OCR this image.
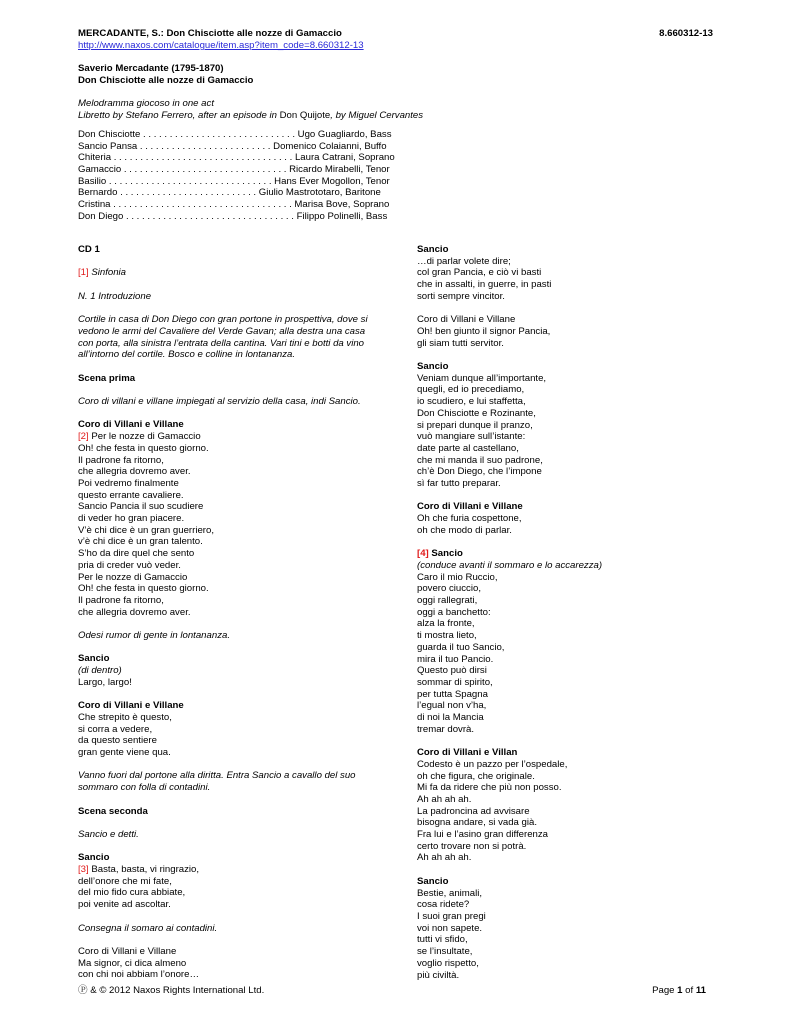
MERCADANTE, S.: Don Chisciotte alle nozze di Gamaccio	8.660312-13
http://www.naxos.com/catalogue/item.asp?item_code=8.660312-13
Saverio Mercadante (1795-1870)
Don Chisciotte alle nozze di Gamaccio
Melodramma giocoso in one act
Libretto by Stefano Ferrero, after an episode in Don Quijote, by Miguel Cervantes
Don Chisciotte . . . . . . . . . . . . . . . . . . . . . . . . . . . . . Ugo Guagliardo, Bass
Sancio Pansa . . . . . . . . . . . . . . . . . . . . . . . . . Domenico Colaianni, Buffo
Chiteria . . . . . . . . . . . . . . . . . . . . . . . . . . . . . . . . . . Laura Catrani, Soprano
Gamaccio . . . . . . . . . . . . . . . . . . . . . . . . . . . . . . . Ricardo Mirabelli, Tenor
Basilio . . . . . . . . . . . . . . . . . . . . . . . . . . . . . . . Hans Ever Mogollon, Tenor
Bernardo . . . . . . . . . . . . . . . . . . . . . . . . . . Giulio Mastrototaro, Baritone
Cristina . . . . . . . . . . . . . . . . . . . . . . . . . . . . . . . . . . Marisa Bove, Soprano
Don Diego . . . . . . . . . . . . . . . . . . . . . . . . . . . . . . . . Filippo Polinelli, Bass

CD 1

[1] Sinfonia

N. 1 Introduzione

Cortile in casa di Don Diego con gran portone in prospettiva, dove si
vedono le armi del Cavaliere del Verde Gavan; alla destra una casa
con porta, alla sinistra l’entrata della cantina. Vari tini e botti da vino
all’intorno del cortile. Bosco e colline in lontananza.

Scena prima

Coro di villani e villane impiegati al servizio della casa, indi Sancio.

Coro di Villani e Villane
[2] Per le nozze di Gamaccio
Oh! che festa in questo giorno.
Il padrone fa ritorno,
che allegria dovremo aver.
Poi vedremo finalmente
questo errante cavaliere.
Sancio Pancia il suo scudiere
di veder ho gran piacere.
V’è chi dice è un gran guerriero,
v’è chi dice è un gran talento.
S’ho da dire quel che sento
pria di creder vuò veder.
Per le nozze di Gamaccio
Oh! che festa in questo giorno.
Il padrone fa ritorno,
che allegria dovremo aver.

Odesi rumor di gente in lontananza.

Sancio
(di dentro)
Largo, largo!

Coro di Villani e Villane
Che strepito è questo,
si corra a vedere,
da questo sentiere
gran gente viene qua.

Vanno fuori dal portone alla diritta. Entra Sancio a cavallo del suo
sommaro con folla di contadini.

Scena seconda

Sancio e detti.

Sancio
[3] Basta, basta, vi ringrazio,
dell’onore che mi fate,
del mio fido cura abbiate,
poi venite ad ascoltar.

Consegna il somaro ai contadini.

Coro di Villani e Villane
Ma signor, ci dica almeno
con chi noi abbiam l’onore…

Sancio
…di parlar volete dire;
col gran Pancia, e ciò vi basti
che in assalti, in guerre, in pasti
sorti sempre vincitor.

Coro di Villani e Villane
Oh! ben giunto il signor Pancia,
gli siam tutti servitor.

Sancio
Veniam dunque all’importante,
quegli, ed io precediamo,
io scudiero, e lui staffetta,
Don Chisciotte e Rozinante,
si prepari dunque il pranzo,
vuò mangiare sull’istante:
date parte al castellano,
che mi manda il suo padrone,
ch’è Don Diego, che l’impone
sì far tutto preparar.

Coro di Villani e Villane
Oh che furia cospettone,
oh che modo di parlar.

[4] Sancio
(conduce avanti il sommaro e lo accarezza)
Caro il mio Ruccio,
povero ciuccio,
oggi rallegrati,
oggi a banchetto:
alza la fronte,
ti mostra lieto,
guarda il tuo Sancio,
mira il tuo Pancio.
Questo può dirsi
sommar di spirito,
per tutta Spagna
l’egual non v’ha,
di noi la Mancia
tremar dovrà.

Coro di Villani e Villan
Codesto è un pazzo per l’ospedale,
oh che figura, che originale.
Mi fa da ridere che più non posso.
Ah ah ah ah.
La padroncina ad avvisare
bisogna andare, si vada già.
Fra lui e l’asino gran differenza
certo trovare non si potrà.
Ah ah ah ah.

Sancio
Bestie, animali,
cosa ridete?
I suoi gran pregi
voi non sapete.
tutti vi sfido,
se l’insultate,
voglio rispetto,
più civiltà.

Ⓟ & © 2012 Naxos Rights International Ltd.	Page 1 of 11
